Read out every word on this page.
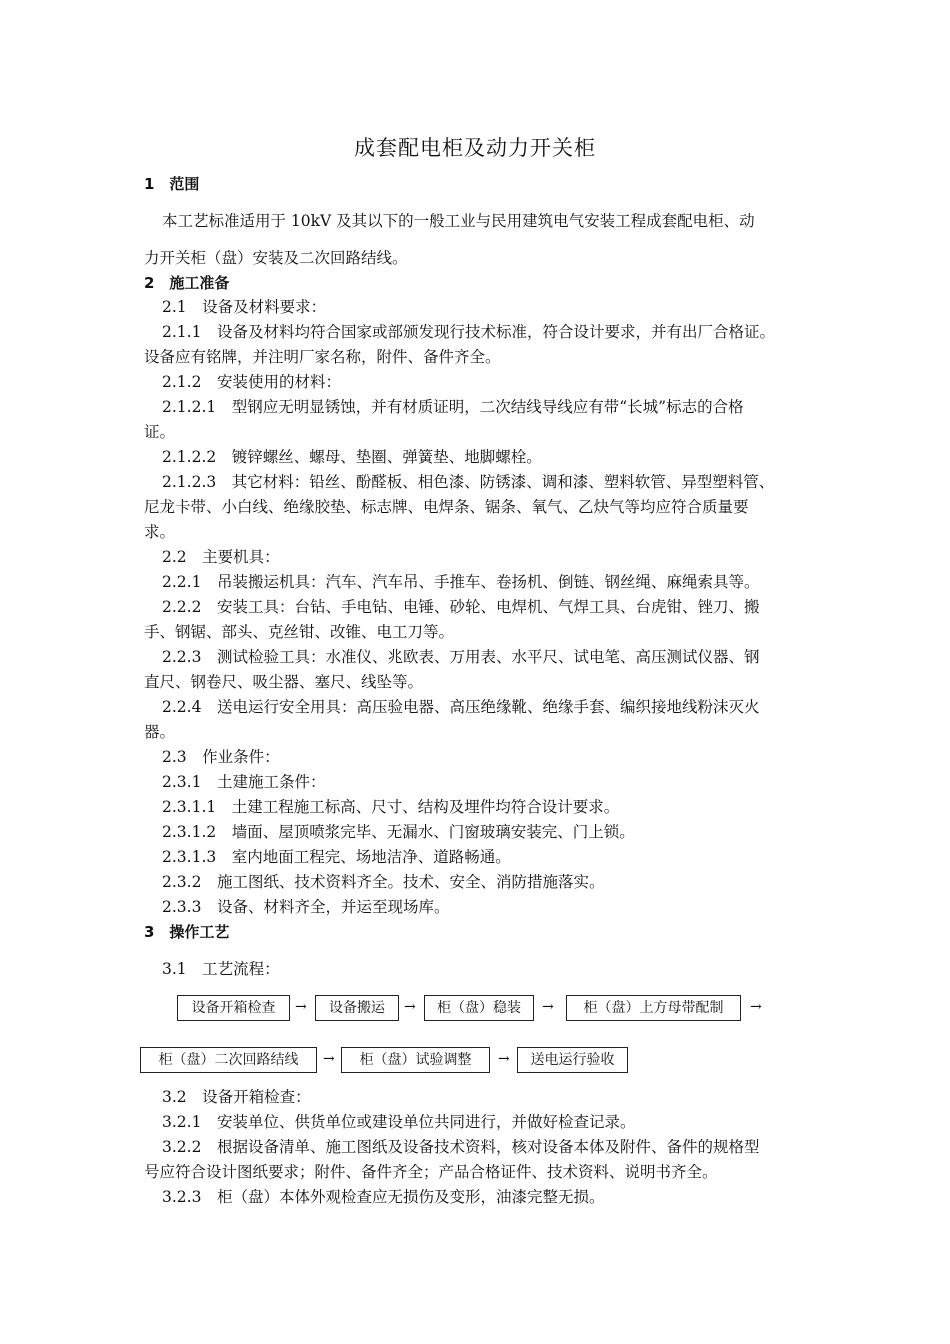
成套配电柜及动力开关柜
1　范围
本工艺标准适用于 10kV 及其以下的一般工业与民用建筑电气安装工程成套配电柜、动
力开关柜（盘）安装及二次回路结线。
2　施工准备
2.1　设备及材料要求：
2.1.1　设备及材料均符合国家或部颁发现行技术标准，符合设计要求，并有出厂合格证。
设备应有铭牌，并注明厂家名称，附件、备件齐全。
2.1.2　安装使用的材料：
2.1.2.1　型钢应无明显锈蚀，并有材质证明，二次结线导线应有带“长城”标志的合格
证。
2.1.2.2　镀锌螺丝、螺母、垫圈、弹簧垫、地脚螺栓。
2.1.2.3　其它材料：铅丝、酚醛板、相色漆、防锈漆、调和漆、塑料软管、异型塑料管、
尼龙卡带、小白线、绝缘胶垫、标志牌、电焊条、锯条、氧气、乙炔气等均应符合质量要
求。
2.2　主要机具：
2.2.1　吊装搬运机具：汽车、汽车吊、手推车、卷扬机、倒链、钢丝绳、麻绳索具等。
2.2.2　安装工具：台钻、手电钻、电锤、砂轮、电焊机、气焊工具、台虎钳、锉刀、搬
手、钢锯、部头、克丝钳、改锥、电工刀等。
2.2.3　测试检验工具：水准仪、兆欧表、万用表、水平尺、试电笔、高压测试仪器、钢
直尺、钢卷尺、吸尘器、塞尺、线坠等。
2.2.4　送电运行安全用具：高压验电器、高压绝缘靴、绝缘手套、编织接地线粉沫灭火
器。
2.3　作业条件：
2.3.1　土建施工条件：
2.3.1.1　土建工程施工标高、尺寸、结构及埋件均符合设计要求。
2.3.1.2　墙面、屋顶喷浆完毕、无漏水、门窗玻璃安装完、门上锁。
2.3.1.3　室内地面工程完、场地洁净、道路畅通。
2.3.2　施工图纸、技术资料齐全。技术、安全、消防措施落实。
2.3.3　设备、材料齐全，并运至现场库。
3　操作工艺
3.1　工艺流程：
设备开箱检查	→	设备搬运	→	柜（盘）稳装	→	柜（盘）上方母带配制	→
柜（盘）二次回路结线	→	柜（盘）试验调整	→	送电运行验收
3.2　设备开箱检查：
3.2.1　安装单位、供货单位或建设单位共同进行，并做好检查记录。
3.2.2　根据设备清单、施工图纸及设备技术资料，核对设备本体及附件、备件的规格型
号应符合设计图纸要求；附件、备件齐全；产品合格证件、技术资料、说明书齐全。
3.2.3　柜（盘）本体外观检查应无损伤及变形，油漆完整无损。
